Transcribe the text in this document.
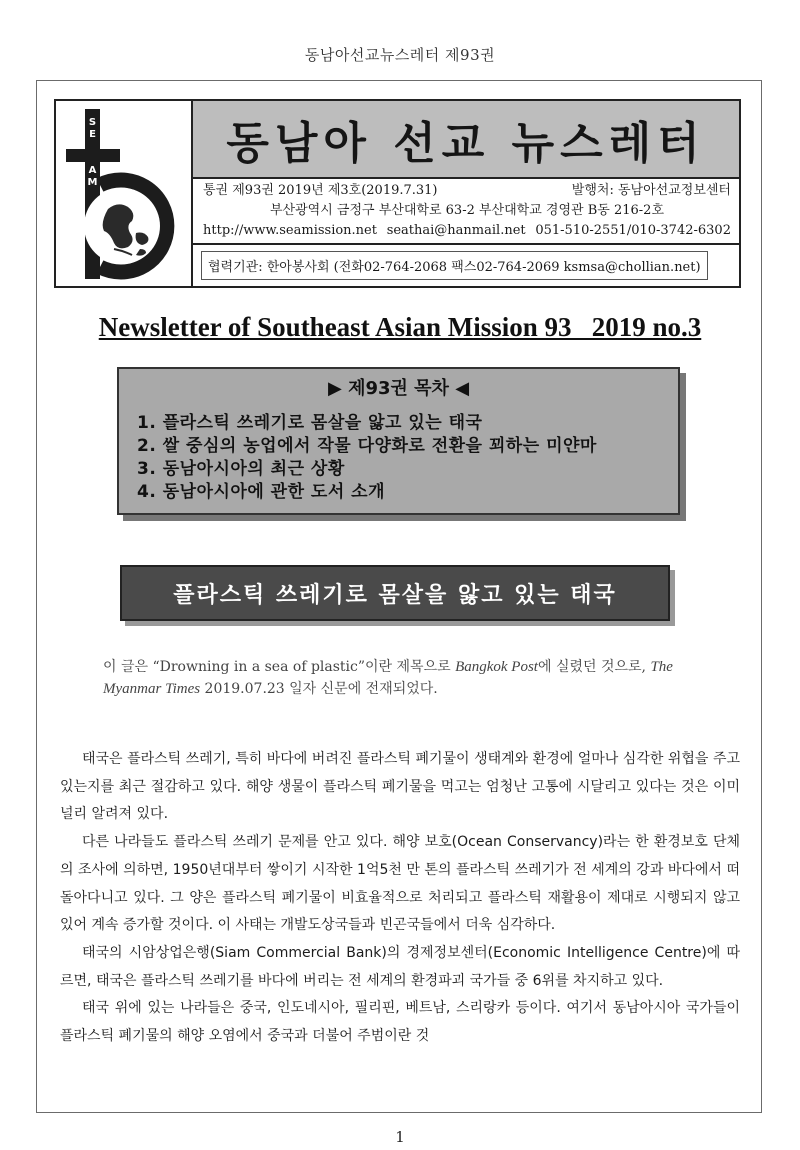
동남아선교뉴스레터 제93권
S
E
A
M
동남아 선교 뉴스레터
통권 제93권 2019년 제3호(2019.7.31)	발행처: 동남아선교정보센터
부산광역시 금정구 부산대학로 63-2 부산대학교 경영관 B동 216-2호
http://www.seamission.net seathai@hanmail.net 051-510-2551/010-3742-6302
협력기관: 한아봉사회 (전화02-764-2068 팩스02-764-2069 ksmsa@chollian.net)
Newsletter of Southeast Asian Mission 93   2019 no.3
▶ 제93권 목차 ◀
1. 플라스틱 쓰레기로 몸살을 앓고 있는 태국
2. 쌀 중심의 농업에서 작물 다양화로 전환을 꾀하는 미얀마
3. 동남아시아의 최근 상황
4. 동남아시아에 관한 도서 소개
플라스틱 쓰레기로 몸살을 앓고 있는 태국
이 글은 “Drowning in a sea of plastic”이란 제목으로 Bangkok Post에 실렸던 것으로, The Myanmar Times 2019.07.23 일자 신문에 전재되었다.

태국은 플라스틱 쓰레기, 특히 바다에 버려진 플라스틱 폐기물이 생태계와 환경에 얼마나 심각한 위협을 주고 있는지를 최근 절감하고 있다. 해양 생물이 플라스틱 폐기물을 먹고는 엄청난 고통에 시달리고 있다는 것은 이미 널리 알려져 있다.

다른 나라들도 플라스틱 쓰레기 문제를 안고 있다. 해양 보호(Ocean Conservancy)라는 한 환경보호 단체의 조사에 의하면, 1950년대부터 쌓이기 시작한 1억5천 만 톤의 플라스틱 쓰레기가 전 세계의 강과 바다에서 떠돌아다니고 있다. 그 양은 플라스틱 폐기물이 비효율적으로 처리되고 플라스틱 재활용이 제대로 시행되지 않고 있어 계속 증가할 것이다. 이 사태는 개발도상국들과 빈곤국들에서 더욱 심각하다.

태국의 시암상업은행(Siam Commercial Bank)의 경제정보센터(Economic Intelligence Centre)에 따르면, 태국은 플라스틱 쓰레기를 바다에 버리는 전 세계의 환경파괴 국가들 중 6위를 차지하고 있다.

태국 위에 있는 나라들은 중국, 인도네시아, 필리핀, 베트남, 스리랑카 등이다. 여기서 동남아시아 국가들이 플라스틱 폐기물의 해양 오염에서 중국과 더불어 주범이란 것

1
